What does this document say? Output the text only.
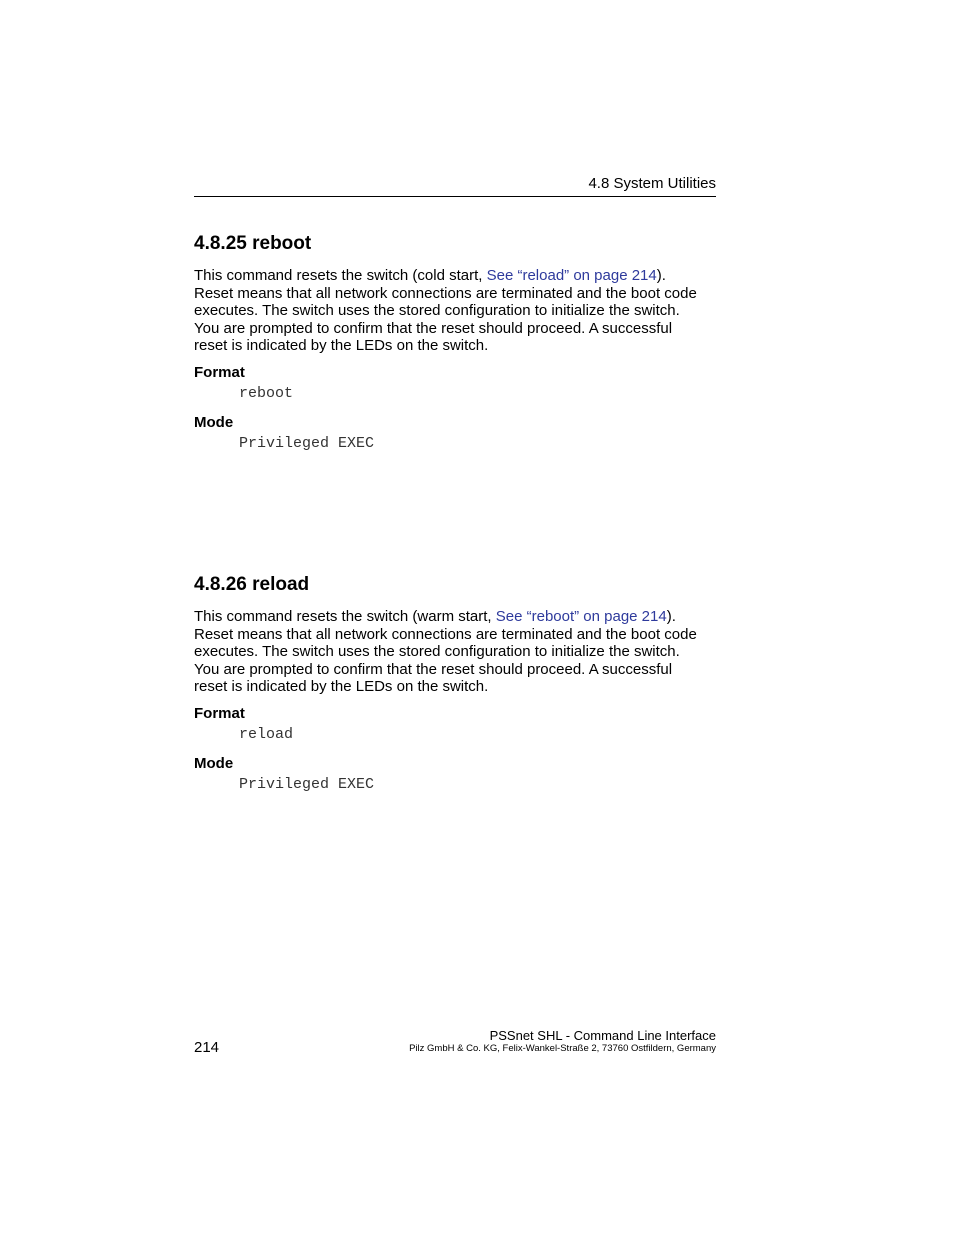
4.8 System Utilities
4.8.25 reboot
This command resets the switch (cold start, See “reload” on page 214).
Reset means that all network connections are terminated and the boot code
executes. The switch uses the stored configuration to initialize the switch.
You are prompted to confirm that the reset should proceed. A successful
reset is indicated by the LEDs on the switch.
Format
reboot
Mode
Privileged EXEC
4.8.26 reload
This command resets the switch (warm start, See “reboot” on page 214).
Reset means that all network connections are terminated and the boot code
executes. The switch uses the stored configuration to initialize the switch.
You are prompted to confirm that the reset should proceed. A successful
reset is indicated by the LEDs on the switch.
Format
reload
Mode
Privileged EXEC
PSSnet SHL - Command Line Interface
Pilz GmbH & Co. KG, Felix-Wankel-Straße 2, 73760 Ostfildern, Germany
214
